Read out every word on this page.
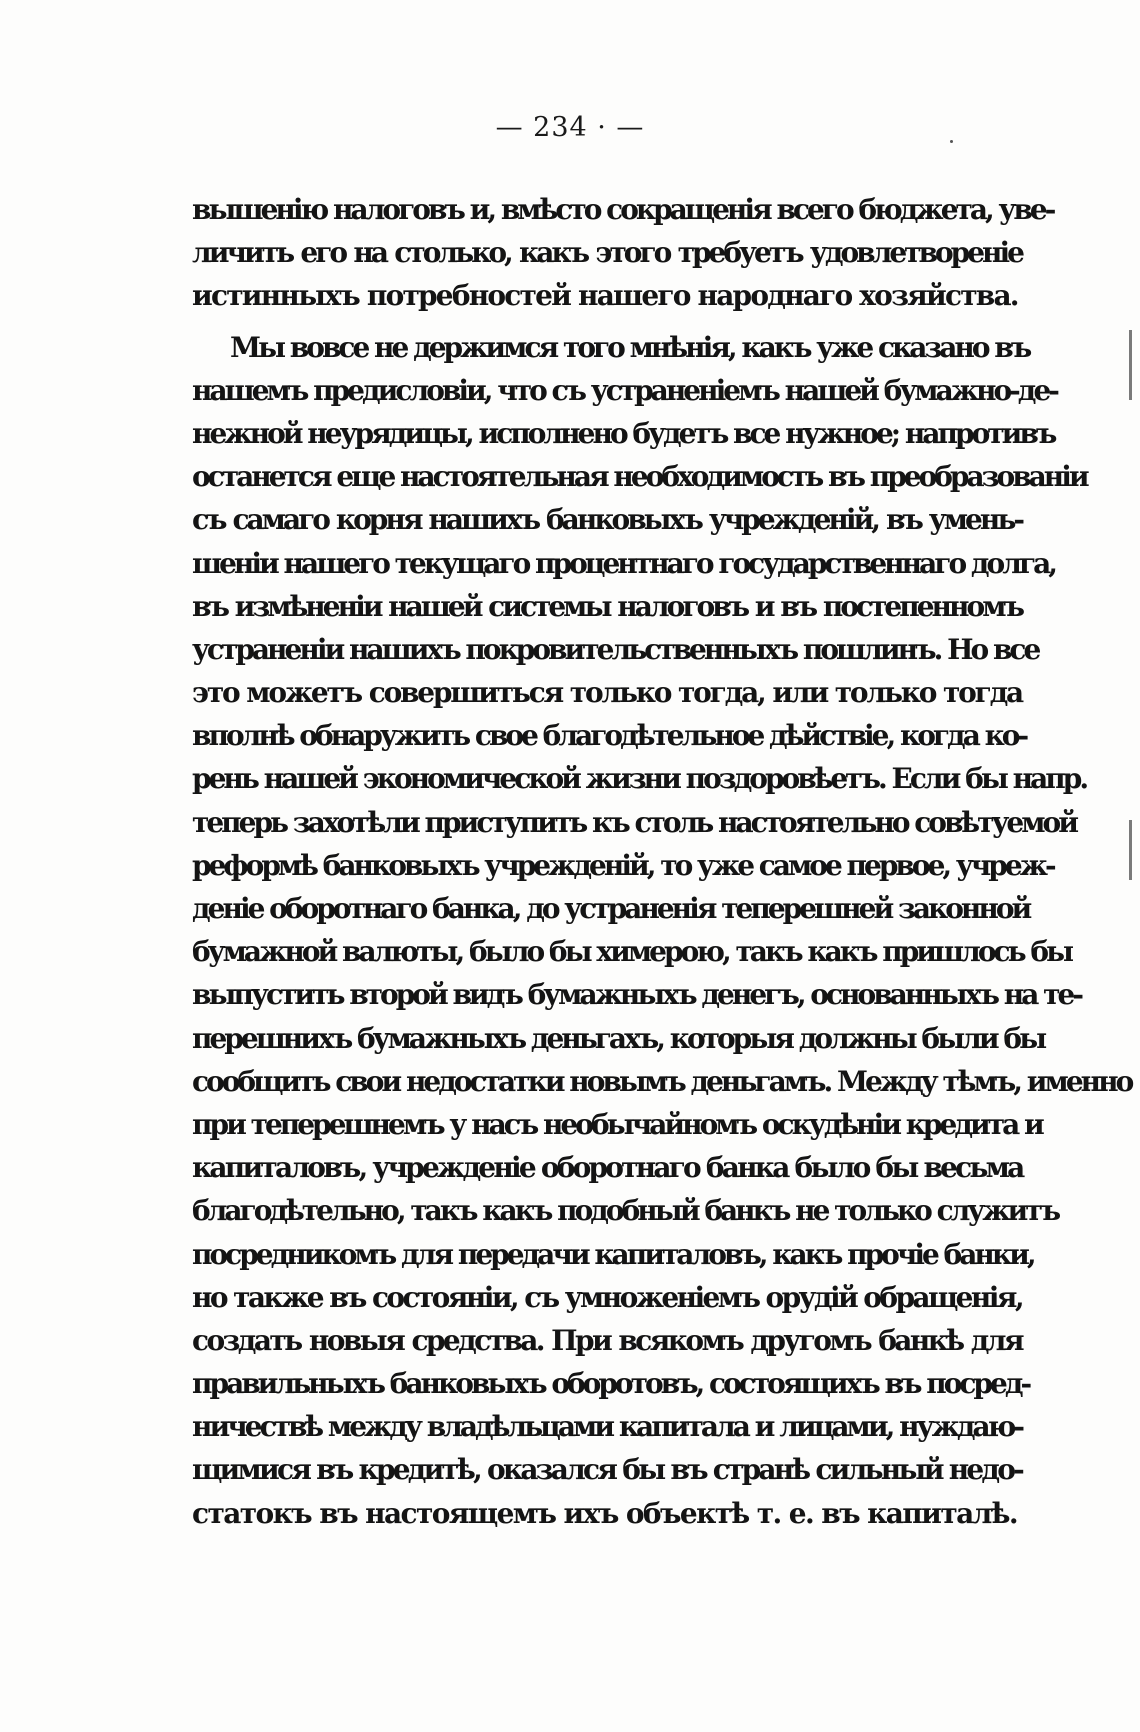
— 234 · —
вышенію налоговъ и, вмѣсто сокращенія всего бюджета, уве-
личить его на столько, какъ этого требуетъ удовлетвореніе
истинныхъ потребностей нашего народнаго хозяйства.
Мы вовсе не держимся того мнѣнія, какъ уже сказано въ
нашемъ предисловіи, что съ устраненіемъ нашей бумажно-де-
нежной неурядицы, исполнено будетъ все нужное; напротивъ
останется еще настоятельная необходимость въ преобразованіи
съ самаго корня нашихъ банковыхъ учрежденій, въ умень-
шеніи нашего текущаго процентнаго государственнаго долга,
въ измѣненіи нашей системы налоговъ и въ постепенномъ
устраненіи нашихъ покровительственныхъ пошлинъ. Но все
это можетъ совершиться только тогда, или только тогда
вполнѣ обнаружить свое благодѣтельное дѣйствіе, когда ко-
рень нашей экономической жизни поздоровѣетъ. Если бы напр.
теперь захотѣли приступить къ столь настоятельно совѣтуемой
реформѣ банковыхъ учрежденій, то уже самое первое, учреж-
деніе оборотнаго банка, до устраненія теперешней законной
бумажной валюты, было бы химерою, такъ какъ пришлось бы
выпустить второй видъ бумажныхъ денегъ, основанныхъ на те-
перешнихъ бумажныхъ деньгахъ, которыя должны были бы
сообщить свои недостатки новымъ деньгамъ. Между тѣмъ, именно
при теперешнемъ у насъ необычайномъ оскудѣніи кредита и
капиталовъ, учрежденіе оборотнаго банка было бы весьма
благодѣтельно, такъ какъ подобный банкъ не только служитъ
посредникомъ для передачи капиталовъ, какъ прочіе банки,
но также въ состояніи, съ умноженіемъ орудій обращенія,
создать новыя средства. При всякомъ другомъ банкѣ для
правильныхъ банковыхъ оборотовъ, состоящихъ въ посред-
ничествѣ между владѣльцами капитала и лицами, нуждаю-
щимися въ кредитѣ, оказался бы въ странѣ сильный недо-
статокъ въ настоящемъ ихъ объектѣ т. е. въ капиталѣ.
